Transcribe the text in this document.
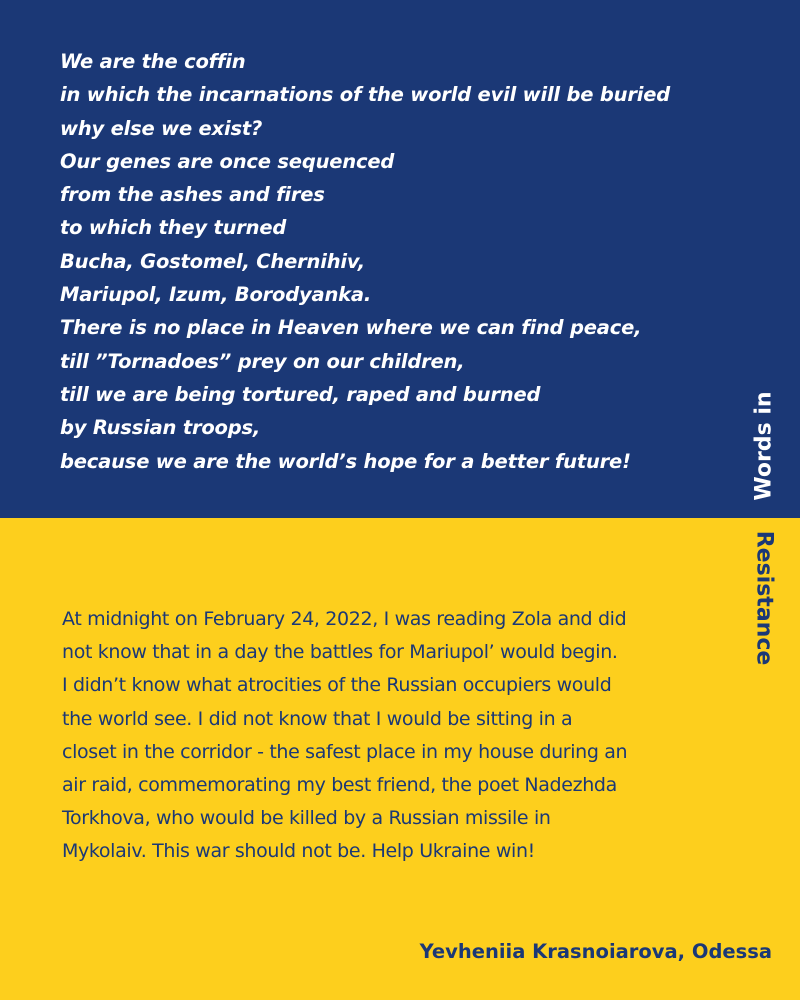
We are the coffin
in which the incarnations of the world evil will be buried
why else we exist?
Our genes are once sequenced
from the ashes and fires
to which they turned
Bucha, Gostomel, Chernihiv,
Mariupol, Izum, Borodyanka.
There is no place in Heaven where we can find peace,
till ”Tornadoes” prey on our children,
till we are being tortured, raped and burned
by Russian troops,
because we are the world’s hope for a better future!	Words in
Resistance
At midnight on February 24, 2022, I was reading Zola and did
not know that in a day the battles for Mariupol’ would begin.
I didn’t know what atrocities of the Russian occupiers would
the world see. I did not know that I would be sitting in a
closet in the corridor - the safest place in my house during an
air raid, commemorating my best friend, the poet Nadezhda
Torkhova, who would be killed by a Russian missile in
Mykolaiv. This war should not be. Help Ukraine win!
Yevheniia Krasnoiarova, Odessa
